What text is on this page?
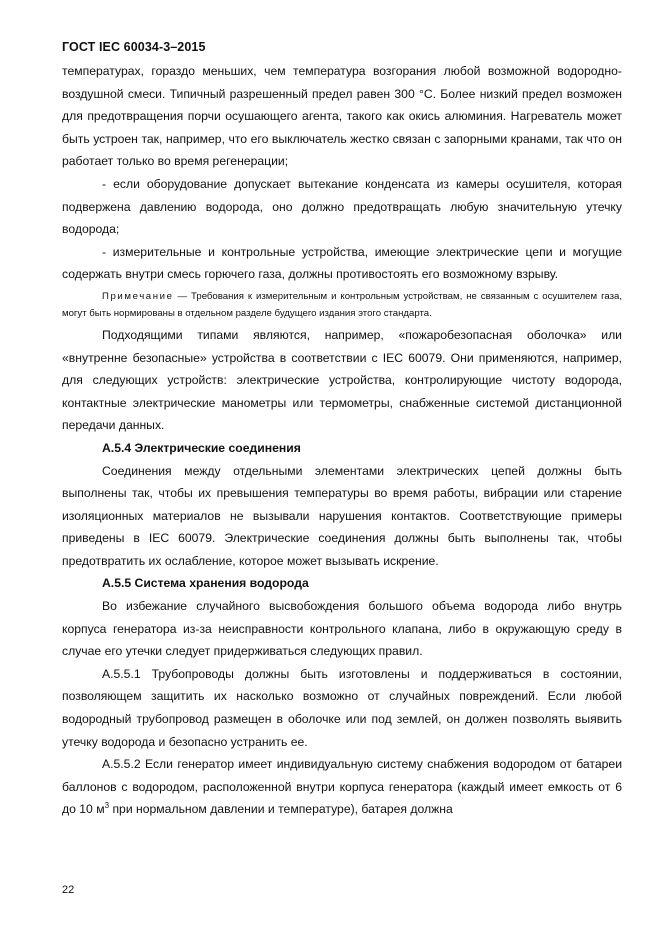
ГОСТ IEC 60034-3–2015

температурах, гораздо меньших, чем температура возгорания любой возможной водородно-воздушной смеси. Типичный разрешенный предел равен 300 °С. Более низкий предел возможен для предотвращения порчи осушающего агента, такого как окись алюминия. Нагреватель может быть устроен так, например, что его выключатель жестко связан с запорными кранами, так что он работает только во время регенерации;

- если оборудование допускает вытекание конденсата из камеры осушителя, которая подвержена давлению водорода, оно должно предотвращать любую значительную утечку водорода;

- измерительные и контрольные устройства, имеющие электрические цепи и могущие содержать внутри смесь горючего газа, должны противостоять его возможному взрыву.

Примечание — Требования к измерительным и контрольным устройствам, не связанным с осушителем газа, могут быть нормированы в отдельном разделе будущего издания этого стандарта.

Подходящими типами являются, например, «пожаробезопасная оболочка» или «внутренне безопасные» устройства в соответствии с IEC 60079. Они применяются, например, для следующих устройств: электрические устройства, контролирующие чистоту водорода, контактные электрические манометры или термометры, снабженные системой дистанционной передачи данных.

А.5.4 Электрические соединения

Соединения между отдельными элементами электрических цепей должны быть выполнены так, чтобы их превышения температуры во время работы, вибрации или старение изоляционных материалов не вызывали нарушения контактов. Соответствующие примеры приведены в IEC 60079. Электрические соединения должны быть выполнены так, чтобы предотвратить их ослабление, которое может вызывать искрение.

А.5.5 Система хранения водорода

Во избежание случайного высвобождения большого объема водорода либо внутрь корпуса генератора из-за неисправности контрольного клапана, либо в окружающую среду в случае его утечки следует придерживаться следующих правил.

А.5.5.1 Трубопроводы должны быть изготовлены и поддерживаться в состоянии, позволяющем защитить их насколько возможно от случайных повреждений. Если любой водородный трубопровод размещен в оболочке или под землей, он должен позволять выявить утечку водорода и безопасно устранить ее.

А.5.5.2 Если генератор имеет индивидуальную систему снабжения водородом от батареи баллонов с водородом, расположенной внутри корпуса генератора (каждый имеет емкость от 6 до 10 $м^3$ при нормальном давлении и температуре), батарея должна

22
